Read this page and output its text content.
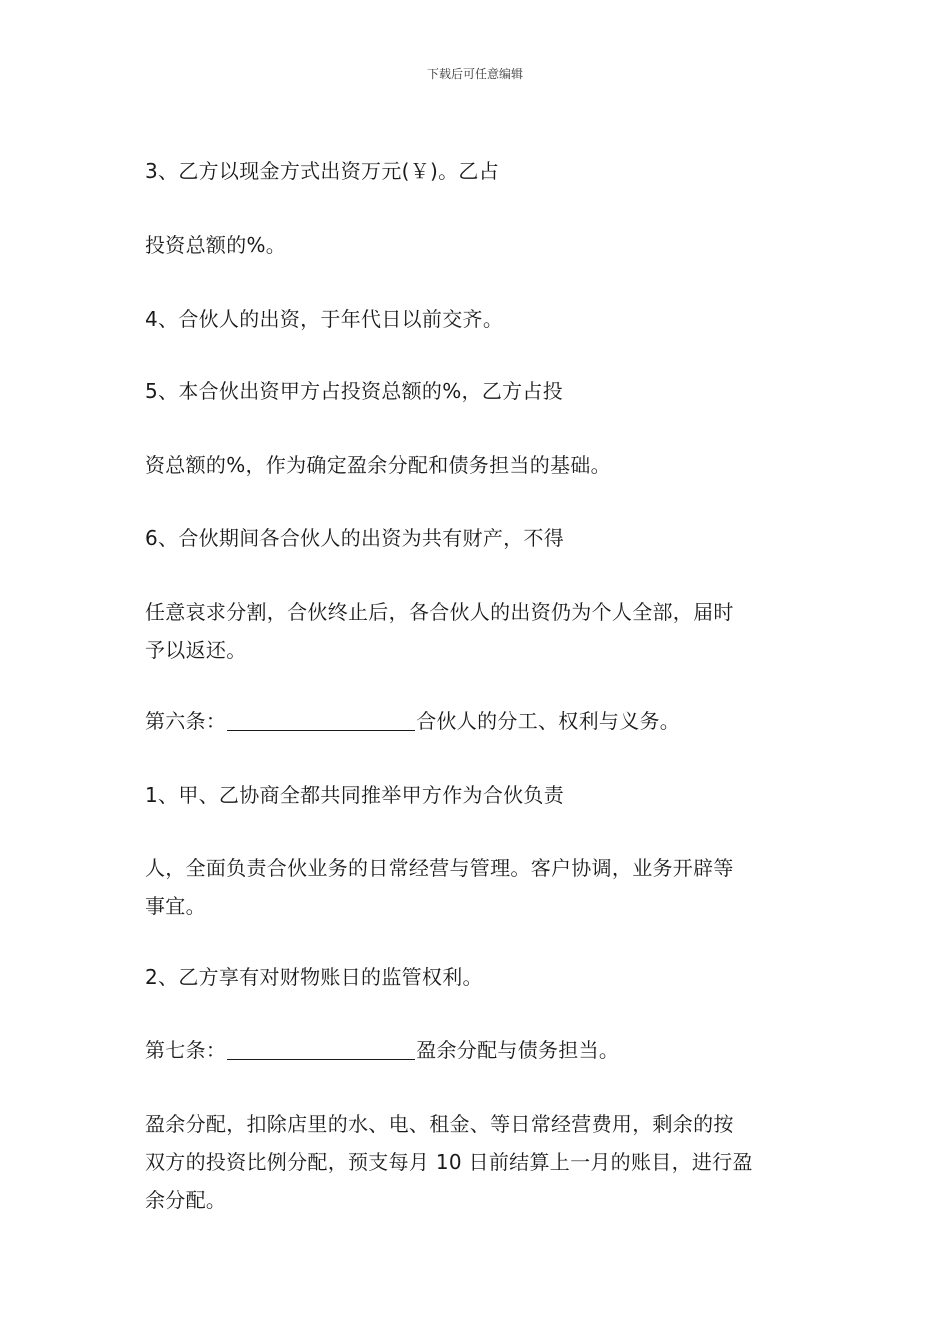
下载后可任意编辑
3、乙方以现金方式出资万元(￥)。乙占
投资总额的%。
4、合伙人的出资，于年代日以前交齐。
5、本合伙出资甲方占投资总额的%，乙方占投
资总额的%，作为确定盈余分配和债务担当的基础。
6、合伙期间各合伙人的出资为共有财产，不得
任意哀求分割，合伙终止后，各合伙人的出资仍为个人全部，届时
予以返还。
第六条：	合伙人的分工、权利与义务。
1、甲、乙协商全都共同推举甲方作为合伙负责
人，全面负责合伙业务的日常经营与管理。客户协调，业务开辟等
事宜。
2、乙方享有对财物账日的监管权利。
第七条：	盈余分配与债务担当。
盈余分配，扣除店里的水、电、租金、等日常经营费用，剩余的按
双方的投资比例分配，预支每月 10 日前结算上一月的账目，进行盈
余分配。
